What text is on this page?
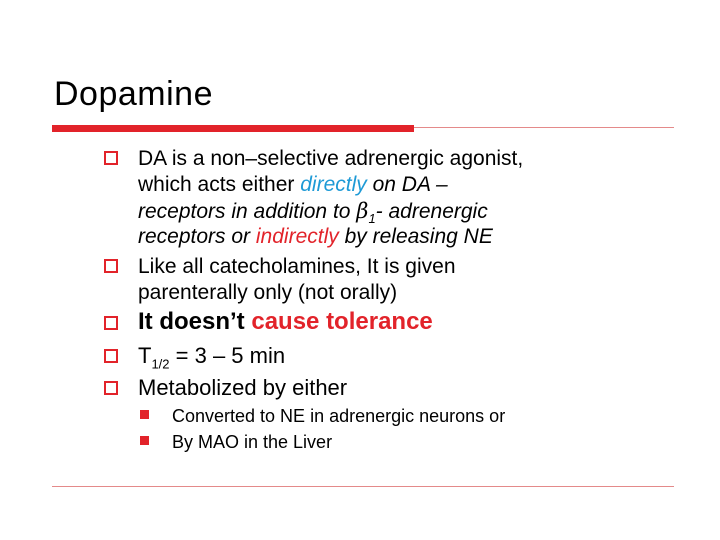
Dopamine
DA is a non–selective adrenergic agonist,
which acts either directly on DA –
receptors in addition to $\beta_1-$ adrenergic
receptors or indirectly by releasing NE
Like all catecholamines, It is given
parenterally only (not orally)
It doesn’t cause tolerance
$T_{1/2} = 3 - 5$ min
Metabolized by either
Converted to NE in adrenergic neurons or
By MAO in the Liver
